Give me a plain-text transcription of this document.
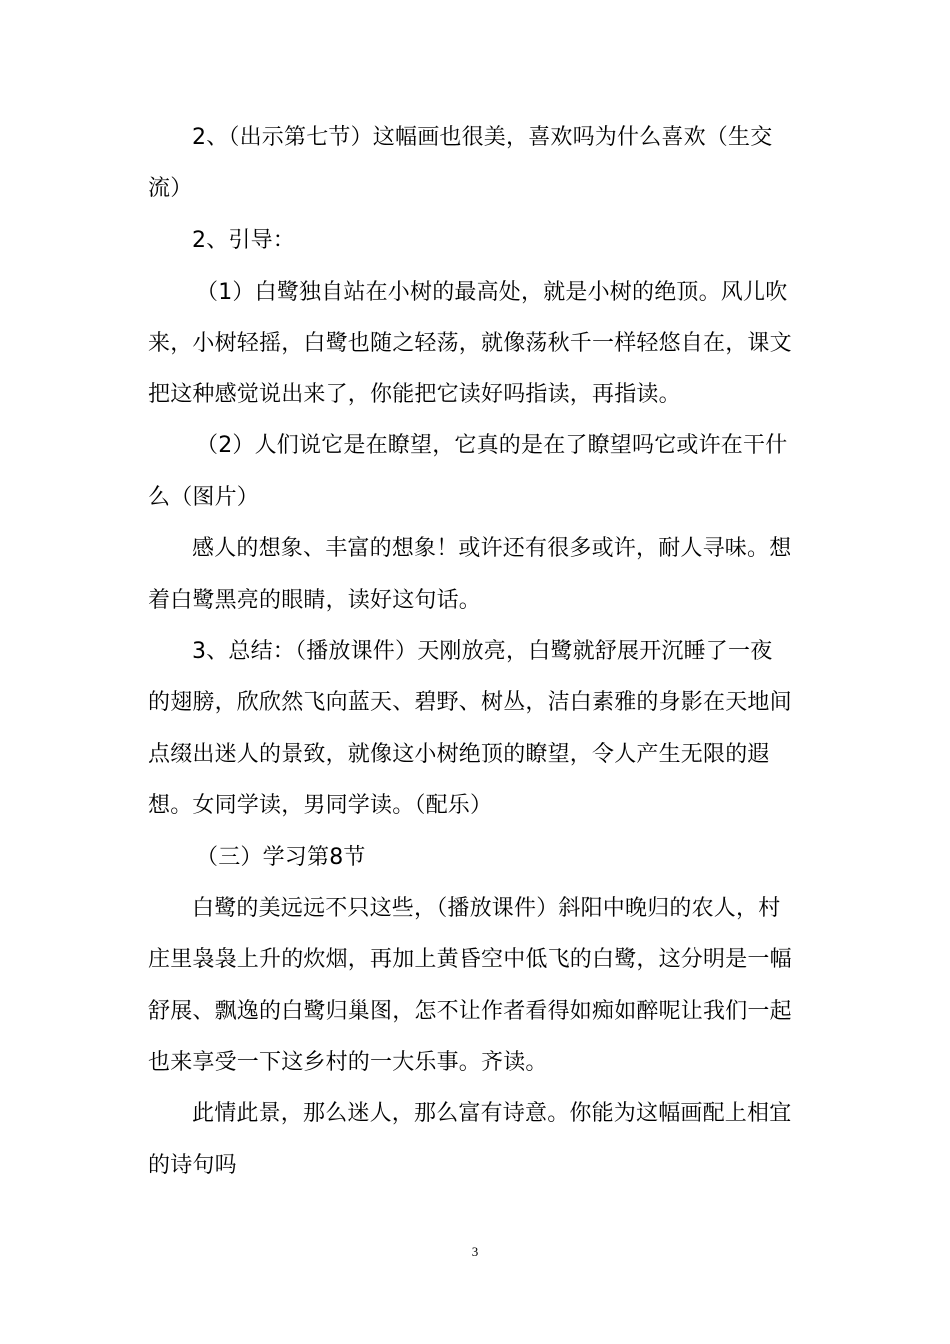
2、（出示第七节）这幅画也很美，喜欢吗为什么喜欢（生交
流）
2、引导：
（1）白鹭独自站在小树的最高处，就是小树的绝顶。风儿吹
来，小树轻摇，白鹭也随之轻荡，就像荡秋千一样轻悠自在，课文
把这种感觉说出来了，你能把它读好吗指读，再指读。
（2）人们说它是在瞭望，它真的是在了瞭望吗它或许在干什
么（图片）
感人的想象、丰富的想象！或许还有很多或许，耐人寻味。想
着白鹭黑亮的眼睛，读好这句话。
3、总结：（播放课件）天刚放亮，白鹭就舒展开沉睡了一夜
的翅膀，欣欣然飞向蓝天、碧野、树丛，洁白素雅的身影在天地间
点缀出迷人的景致，就像这小树绝顶的瞭望，令人产生无限的遐
想。女同学读，男同学读。（配乐）
（三）学习第8节
白鹭的美远远不只这些，（播放课件）斜阳中晚归的农人，村
庄里袅袅上升的炊烟，再加上黄昏空中低飞的白鹭，这分明是一幅
舒展、飘逸的白鹭归巢图，怎不让作者看得如痴如醉呢让我们一起
也来享受一下这乡村的一大乐事。齐读。
此情此景，那么迷人，那么富有诗意。你能为这幅画配上相宜
的诗句吗
3
